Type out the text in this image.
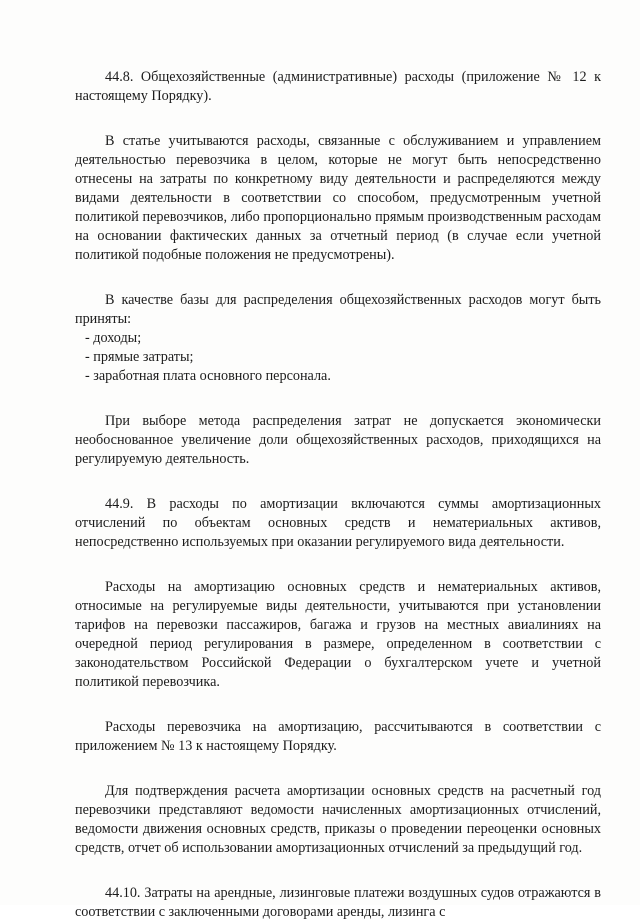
44.8. Общехозяйственные (административные) расходы (приложение № 12 к настоящему Порядку).

В статье учитываются расходы, связанные с обслуживанием и управлением деятельностью перевозчика в целом, которые не могут быть непосредственно отнесены на затраты по конкретному виду деятельности и распределяются между видами деятельности в соответствии со способом, предусмотренным учетной политикой перевозчиков, либо пропорционально прямым производственным расходам на основании фактических данных за отчетный период (в случае если учетной политикой подобные положения не предусмотрены).

В качестве базы для распределения общехозяйственных расходов могут быть приняты:

- доходы;
- прямые затраты;
- заработная плата основного персонала.

При выборе метода распределения затрат не допускается экономически необоснованное увеличение доли общехозяйственных расходов, приходящихся на регулируемую деятельность.

44.9. В расходы по амортизации включаются суммы амортизационных отчислений по объектам основных средств и нематериальных активов, непосредственно используемых при оказании регулируемого вида деятельности.

Расходы на амортизацию основных средств и нематериальных активов, относимые на регулируемые виды деятельности, учитываются при установлении тарифов на перевозки пассажиров, багажа и грузов на местных авиалиниях на очередной период регулирования в размере, определенном в соответствии с законодательством Российской Федерации о бухгалтерском учете и учетной политикой перевозчика.

Расходы перевозчика на амортизацию, рассчитываются в соответствии с приложением № 13 к настоящему Порядку.

Для подтверждения расчета амортизации основных средств на расчетный год перевозчики представляют ведомости начисленных амортизационных отчислений, ведомости движения основных средств, приказы о проведении переоценки основных средств, отчет об использовании амортизационных отчислений за предыдущий год.

44.10. Затраты на арендные, лизинговые платежи воздушных судов отражаются в соответствии с заключенными договорами аренды, лизинга с
